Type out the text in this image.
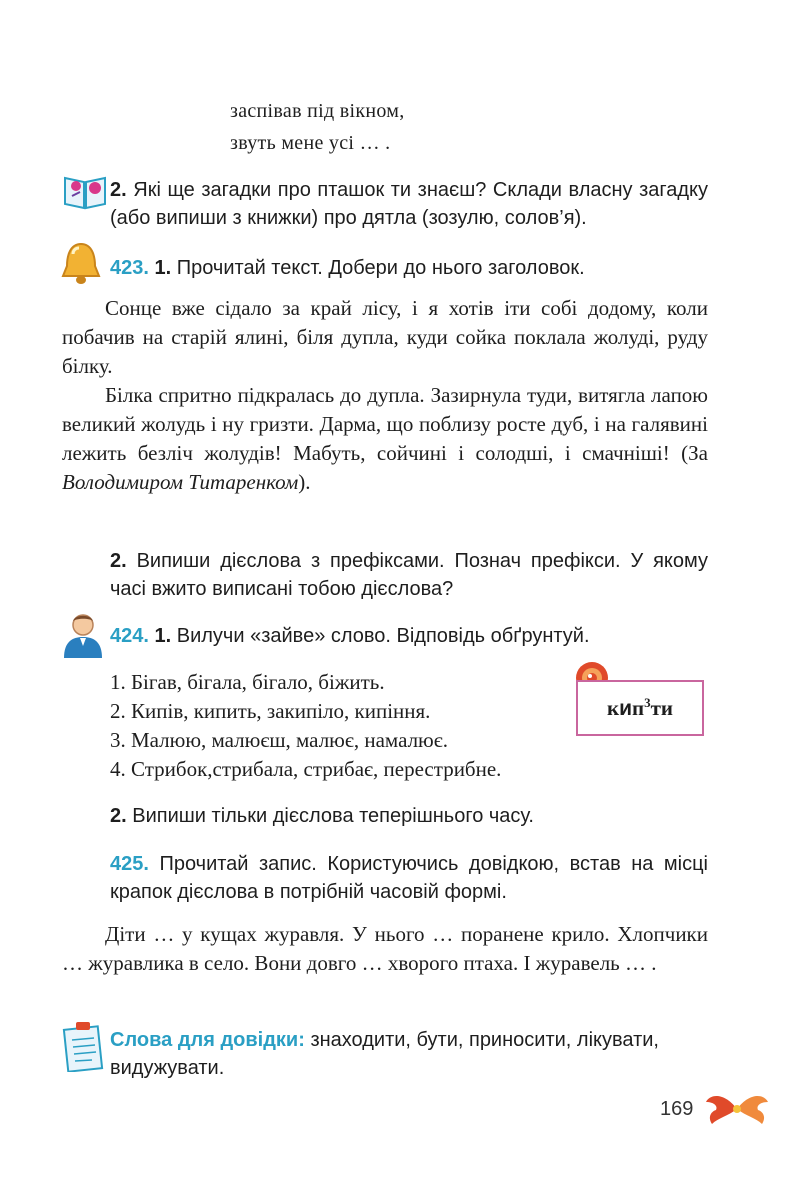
заспівав під вікном,
звуть мене усі … .
2. Які ще загадки про пташок ти знаєш? Склади власну загадку (або випиши з книжки) про дятла (зозулю, солов’я).
423. 1. Прочитай текст. Добери до нього заголовок.

Сонце вже сідало за край лісу, і я хотів іти собі додому, коли побачив на старій ялині, біля дупла, куди сойка поклала жолуді, руду білку.

Білка спритно підкралась до дупла. Зазирнула туди, витягла лапою великий жолудь і ну гризти. Дарма, що поблизу росте дуб, і на галявині лежить безліч жолудів! Мабуть, сойчині і солодші, і смачніші! (За Володимиром Титаренком).

2. Випиши дієслова з префіксами. Познач префікси. У якому часі вжито виписані тобою дієслова?
424. 1. Вилучи «зайве» слово. Відповідь обґрунтуй.
1. Бігав, бігала, бігало, біжить.
2. Кипів, кипить, закипіло, кипіння.
3. Малюю, малюєш, малює, намалює.
4. Стрибок,стрибала, стрибає, перестрибне.
кип$^3$ти
2. Випиши тільки дієслова теперішнього часу.
425. Прочитай запис. Користуючись довідкою, встав на місці крапок дієслова в потрібній часовій формі.

Діти … у кущах журавля. У нього … поранене крило. Хлопчики … журавлика в село. Вони довго … хворого птаха. І журавель … .

Слова для довідки: знаходити, бути, приносити, лікувати, видужувати.
169
